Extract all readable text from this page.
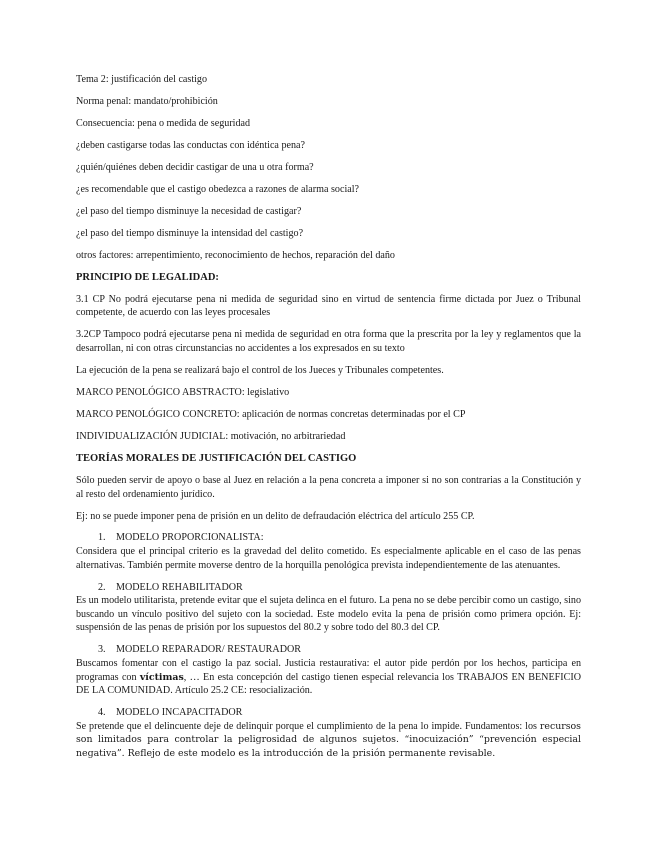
Tema 2: justificación del castigo

Norma penal: mandato/prohibición

Consecuencia: pena o medida de seguridad

¿deben castigarse todas las conductas con idéntica pena?

¿quién/quiénes deben decidir castigar de una u otra forma?

¿es recomendable que el castigo obedezca a razones de alarma social?

¿el paso del tiempo disminuye la necesidad de castigar?

¿el paso del tiempo disminuye la intensidad del castigo?

otros factores: arrepentimiento, reconocimiento de hechos, reparación del daño

PRINCIPIO DE LEGALIDAD:

3.1 CP No podrá ejecutarse pena ni medida de seguridad sino en virtud de sentencia firme dictada por Juez o Tribunal competente, de acuerdo con las leyes procesales

3.2CP Tampoco podrá ejecutarse pena ni medida de seguridad en otra forma que la prescrita por la ley y reglamentos que la desarrollan, ni con otras circunstancias no accidentes a los expresados en su texto

La ejecución de la pena se realizará bajo el control de los Jueces y Tribunales competentes.

MARCO PENOLÓGICO ABSTRACTO: legislativo

MARCO PENOLÓGICO CONCRETO: aplicación de normas concretas determinadas por el CP

INDIVIDUALIZACIÓN JUDICIAL: motivación, no arbitrariedad

TEORÍAS MORALES DE JUSTIFICACIÓN DEL CASTIGO

Sólo pueden servir de apoyo o base al Juez en relación a la pena concreta a imponer si no son contrarias a la Constitución y al resto del ordenamiento jurídico.

Ej: no se puede imponer pena de prisión en un delito de defraudación eléctrica del artículo 255 CP.

1. MODELO PROPORCIONALISTA:

Considera que el principal criterio es la gravedad del delito cometido. Es especialmente aplicable en el caso de las penas alternativas. También permite moverse dentro de la horquilla penológica prevista independientemente de las atenuantes.

2. MODELO REHABILITADOR

Es un modelo utilitarista, pretende evitar que el sujeta delinca en el futuro. La pena no se debe percibir como un castigo, sino buscando un vínculo positivo del sujeto con la sociedad. Este modelo evita la pena de prisión como primera opción. Ej: suspensión de las penas de prisión por los supuestos del 80.2 y sobre todo del 80.3 del CP.

3. MODELO REPARADOR/ RESTAURADOR

Buscamos fomentar con el castigo la paz social. Justicia restaurativa: el autor pide perdón por los hechos, participa en programas con víctimas, … En esta concepción del castigo tienen especial relevancia los TRABAJOS EN BENEFICIO DE LA COMUNIDAD. Artículo 25.2 CE: resocialización.

4. MODELO INCAPACITADOR

Se pretende que el delincuente deje de delinquir porque el cumplimiento de la pena lo impide. Fundamentos: los recursos son limitados para controlar la peligrosidad de algunos sujetos. “inocuización” “prevención especial negativa”. Reflejo de este modelo es la introducción de la prisión permanente revisable.
